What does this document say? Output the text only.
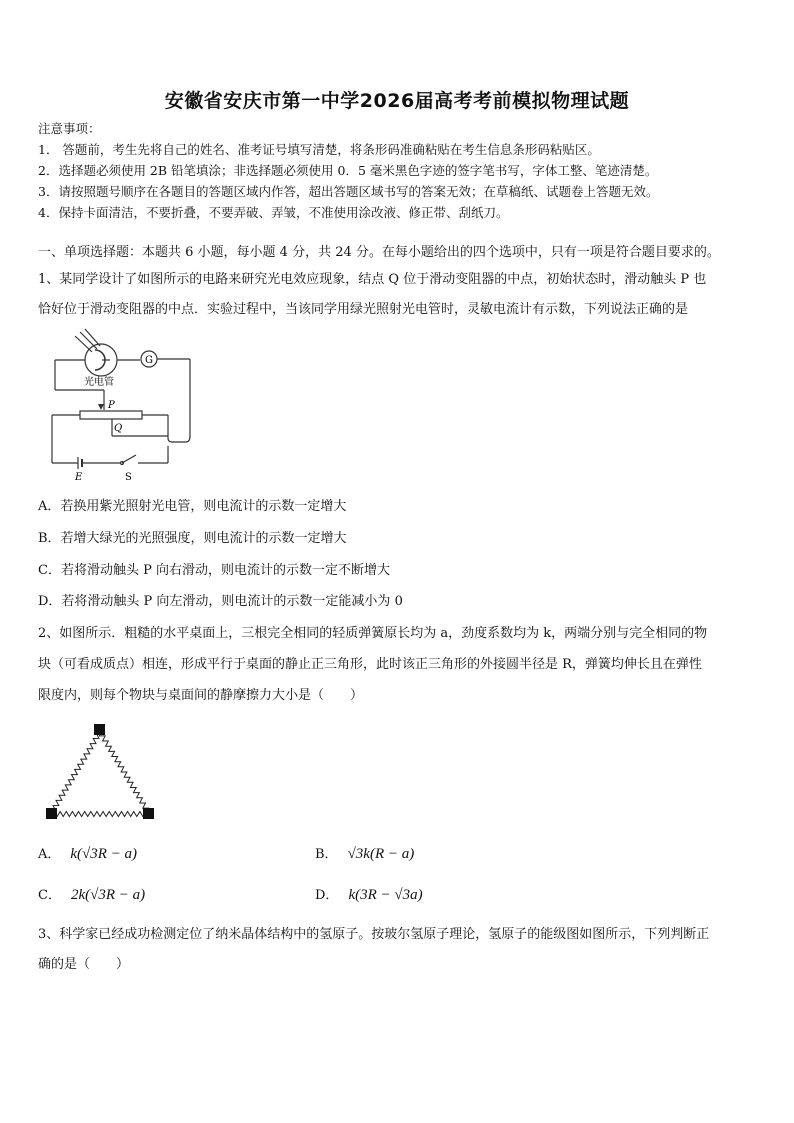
安徽省安庆市第一中学2026届高考考前模拟物理试题
注意事项：
1． 答题前，考生先将自己的姓名、准考证号填写清楚，将条形码准确粘贴在考生信息条形码粘贴区。
2．选择题必须使用 2B 铅笔填涂；非选择题必须使用 0．5 毫米黑色字迹的签字笔书写，字体工整、笔迹清楚。
3．请按照题号顺序在各题目的答题区域内作答，超出答题区域书写的答案无效；在草稿纸、试题卷上答题无效。
4．保持卡面清洁，不要折叠，不要弄破、弄皱，不准使用涂改液、修正带、刮纸刀。
一、单项选择题：本题共 6 小题，每小题 4 分，共 24 分。在每小题给出的四个选项中，只有一项是符合题目要求的。
1、某同学设计了如图所示的电路来研究光电效应现象，结点 Q 位于滑动变阻器的中点，初始状态时，滑动触头 P 也
恰好位于滑动变阻器的中点．实验过程中，当该同学用绿光照射光电管时，灵敏电流计有示数，下列说法正确的是
光电管
G
P
Q
E	S
A．若换用紫光照射光电管，则电流计的示数一定增大
B．若增大绿光的光照强度，则电流计的示数一定增大
C．若将滑动触头 P 向右滑动，则电流计的示数一定不断增大
D．若将滑动触头 P 向左滑动，则电流计的示数一定能减小为 0
2、如图所示．粗糙的水平桌面上，三根完全相同的轻质弹簧原长均为 a，劲度系数均为 k，两端分别与完全相同的物
块（可看成质点）相连，形成平行于桌面的静止正三角形，此时该正三角形的外接圆半径是 R，弹簧均伸长且在弹性
限度内，则每个物块与桌面间的静摩擦力大小是（　　）
A． k(√3R − a)	B． √3k(R − a)
C． 2k(√3R − a)	D． k(3R − √3a)
3、科学家已经成功检测定位了纳米晶体结构中的氢原子。按玻尔氢原子理论，氢原子的能级图如图所示，下列判断正
确的是（　　）
